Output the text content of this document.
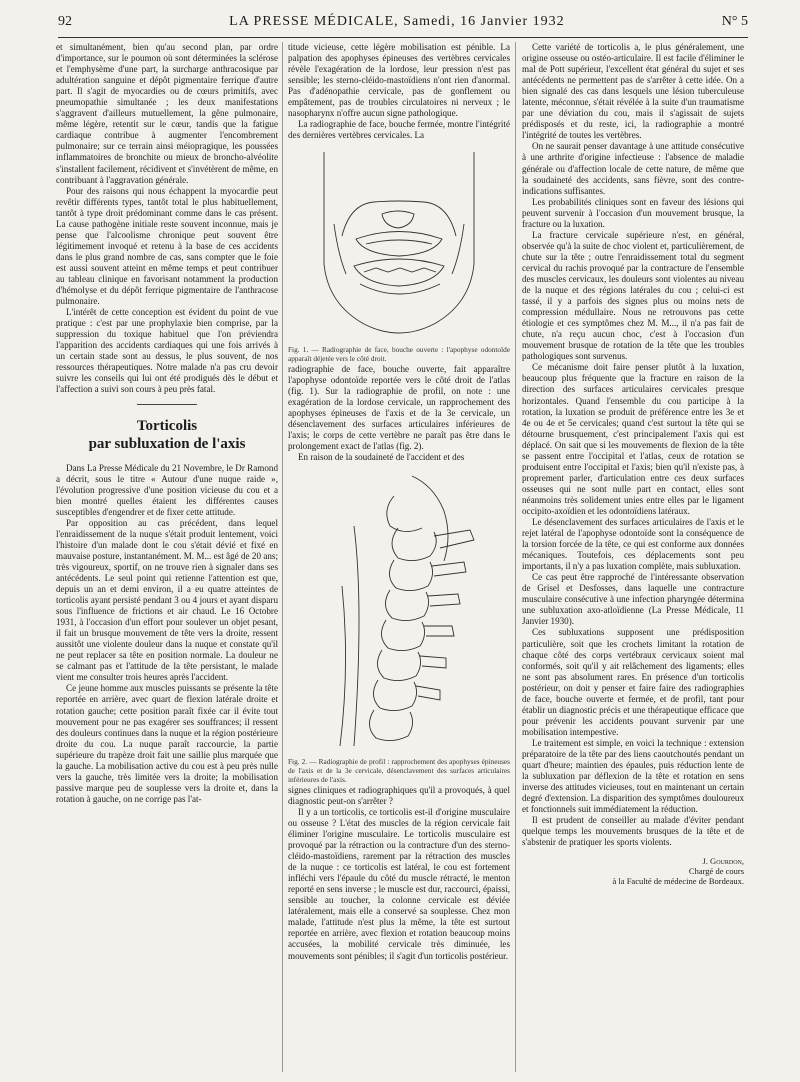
92	LA PRESSE MÉDICALE, Samedi, 16 Janvier 1932	N° 5

et simultanément, bien qu'au second plan, par ordre d'importance, sur le poumon où sont déterminées la sclérose et l'emphysème d'une part, la surcharge anthracosique par adultération sanguine et dépôt pigmentaire ferrique d'autre part. Il s'agit de myocardies ou de cœurs primitifs, avec pneumopathie simultanée ; les deux manifestations s'aggravent d'ailleurs mutuellement, la gêne pulmonaire, même légère, retentit sur le cœur, tandis que la fatigue cardiaque contribue à augmenter l'encombrement pulmonaire; sur ce terrain ainsi méiopragique, les poussées inflammatoires de bronchite ou mieux de broncho-alvéolite s'installent facilement, récidivent et s'invétèrent de même, en contribuant à l'aggravation générale.

Pour des raisons qui nous échappent la myocardie peut revêtir différents types, tantôt total le plus habituellement, tantôt à type droit prédominant comme dans le cas présent. La cause pathogène initiale reste souvent inconnue, mais je pense que l'alcoolisme chronique peut souvent être légitimement invoqué et retenu à la base de ces accidents dans le plus grand nombre de cas, sans compter que le foie est aussi souvent atteint en même temps et peut contribuer au tableau clinique en favorisant notamment la production d'hémolyse et du dépôt ferrique pigmentaire de l'anthracose pulmonaire.

L'intérêt de cette conception est évident du point de vue pratique : c'est par une prophylaxie bien comprise, par la suppression du toxique habituel que l'on préviendra l'apparition des accidents cardiaques qui une fois arrivés à un certain stade sont au dessus, le plus souvent, de nos ressources thérapeutiques. Notre malade n'a pas cru devoir suivre les conseils qui lui ont été prodigués dès le début et l'affection a suivi son cours à peu près fatal.

Torticolis
par subluxation de l'axis

Dans La Presse Médicale du 21 Novembre, le Dr Ramond a décrit, sous le titre « Autour d'une nuque raide », l'évolution progressive d'une position vicieuse du cou et a bien montré quelles étaient les différentes causes susceptibles d'engendrer et de fixer cette attitude.

Par opposition au cas précédent, dans lequel l'enraidissement de la nuque s'était produit lentement, voici l'histoire d'un malade dont le cou s'était dévié et fixé en mauvaise posture, instantanément. M. M... est âgé de 20 ans; très vigoureux, sportif, on ne trouve rien à signaler dans ses antécédents. Le seul point qui retienne l'attention est que, depuis un an et demi environ, il a eu quatre atteintes de torticolis ayant persisté pendant 3 ou 4 jours et ayant disparu sous l'influence de frictions et air chaud. Le 16 Octobre 1931, à l'occasion d'un effort pour soulever un objet pesant, il fait un brusque mouvement de tête vers la droite, ressent aussitôt une violente douleur dans la nuque et constate qu'il ne peut replacer sa tête en position normale. La douleur ne se calmant pas et l'attitude de la tête persistant, le malade vient me consulter trois heures après l'accident.

Ce jeune homme aux muscles puissants se présente la tête reportée en arrière, avec quart de flexion latérale droite et rotation gauche; cette position paraît fixée car il évite tout mouvement pour ne pas exagérer ses souffrances; il ressent des douleurs continues dans la nuque et la région postérieure droite du cou. La nuque paraît raccourcie, la partie supérieure du trapèze droit fait une saillie plus marquée que la gauche. La mobilisation active du cou est à peu près nulle vers la gauche, très limitée vers la droite; la mobilisation passive marque peu de souplesse vers la droite et, dans la rotation à gauche, on ne corrige pas l'at-

titude vicieuse, cette légère mobilisation est pénible. La palpation des apophyses épineuses des vertèbres cervicales révèle l'exagération de la lordose, leur pression n'est pas sensible; les sterno-cléido-mastoïdiens n'ont rien d'anormal. Pas d'adénopathie cervicale, pas de gonflement ou empâtement, pas de troubles circulatoires ni nerveux ; le nasopharynx n'offre aucun signe pathologique.

La radiographie de face, bouche fermée, montre l'intégrité des dernières vertèbres cervicales. La

Fig. 1. — Radiographie de face, bouche ouverte : l'apophyse odontoïde apparaît déjetée vers le côté droit.

radiographie de face, bouche ouverte, fait apparaître l'apophyse odontoïde reportée vers le côté droit de l'atlas (fig. 1). Sur la radiographie de profil, on note : une exagération de la lordose cervicale, un rapprochement des apophyses épineuses de l'axis et de la 3e cervicale, un désenclavement des surfaces articulaires inférieures de l'axis; le corps de cette vertèbre ne paraît pas être dans le prolongement exact de l'atlas (fig. 2).

En raison de la soudaineté de l'accident et des

Fig. 2. — Radiographie de profil : rapprochement des apophyses épineuses de l'axis et de la 3e cervicale, désenclavement des surfaces articulaires inférieures de l'axis.

signes cliniques et radiographiques qu'il a provoqués, à quel diagnostic peut-on s'arrêter ?

Il y a un torticolis, ce torticolis est-il d'origine musculaire ou osseuse ? L'état des muscles de la région cervicale fait éliminer l'origine musculaire. Le torticolis musculaire est provoqué par la rétraction ou la contracture d'un des sterno-cléido-mastoïdiens, rarement par la rétraction des muscles de la nuque : ce torticolis est latéral, le cou est fortement infléchi vers l'épaule du côté du muscle rétracté, le menton reporté en sens inverse ; le muscle est dur, raccourci, épaissi, sensible au toucher, la colonne cervicale est déviée latéralement, mais elle a conservé sa souplesse. Chez mon malade, l'attitude n'est plus la même, la tête est surtout reportée en arrière, avec flexion et rotation beaucoup moins accusées, la mobilité cervicale très diminuée, les mouvements sont pénibles; il s'agit d'un torticolis postérieur.

Cette variété de torticolis a, le plus généralement, une origine osseuse ou ostéo-articulaire. Il est facile d'éliminer le mal de Pott supérieur, l'excellent état général du sujet et ses antécédents ne permettent pas de s'arrêter à cette idée. On a bien signalé des cas dans lesquels une lésion tuberculeuse latente, méconnue, s'était révélée à la suite d'un traumatisme par une déviation du cou, mais il s'agissait de sujets prédisposés et du reste, ici, la radiographie a montré l'intégrité de toutes les vertèbres.

On ne saurait penser davantage à une attitude consécutive à une arthrite d'origine infectieuse : l'absence de maladie générale ou d'affection locale de cette nature, de même que la soudaineté des accidents, sans fièvre, sont des contre-indications suffisantes.

Les probabilités cliniques sont en faveur des lésions qui peuvent survenir à l'occasion d'un mouvement brusque, la fracture ou la luxation.

La fracture cervicale supérieure n'est, en général, observée qu'à la suite de choc violent et, particulièrement, de chute sur la tête ; outre l'enraidissement total du segment cervical du rachis provoqué par la contracture de l'ensemble des muscles cervicaux, les douleurs sont violentes au niveau de la nuque et des régions latérales du cou ; celui-ci est tassé, il y a parfois des signes plus ou moins nets de compression médullaire. Nous ne retrouvons pas cette étiologie et ces symptômes chez M. M..., il n'a pas fait de chute, n'a reçu aucun choc, c'est à l'occasion d'un mouvement brusque de rotation de la tête que les troubles pathologiques sont survenus.

Ce mécanisme doit faire penser plutôt à la luxation, beaucoup plus fréquente que la fracture en raison de la direction des surfaces articulaires cervicales presque horizontales. Quand l'ensemble du cou participe à la rotation, la luxation se produit de préférence entre les 3e et 4e ou 4e et 5e cervicales; quand c'est surtout la tête qui se détourne brusquement, c'est principalement l'axis qui est déplacé. On sait que si les mouvements de flexion de la tête se passent entre l'occipital et l'atlas, ceux de rotation se produisent entre l'occipital et l'axis; bien qu'il n'existe pas, à proprement parler, d'articulation entre ces deux surfaces osseuses qui ne sont nulle part en contact, elles sont néanmoins très solidement unies entre elles par le ligament occipito-axoïdien et les odontoïdiens latéraux.

Le désenclavement des surfaces articulaires de l'axis et le rejet latéral de l'apophyse odontoïde sont la conséquence de la torsion forcée de la tête, ce qui est conforme aux données mécaniques. Toutefois, ces déplacements sont peu importants, il n'y a pas luxation complète, mais subluxation.

Ce cas peut être rapproché de l'intéressante observation de Grisel et Desfosses, dans laquelle une contracture musculaire consécutive à une infection pharyngée détermina une subluxation axo-atloïdienne (La Presse Médicale, 11 Janvier 1930).

Ces subluxations supposent une prédisposition particulière, soit que les crochets limitant la rotation de chaque côté des corps vertébraux cervicaux soient mal conformés, soit qu'il y ait relâchement des ligaments; elles ne sont pas absolument rares. En présence d'un torticolis postérieur, on doit y penser et faire faire des radiographies de face, bouche ouverte et fermée, et de profil, tant pour établir un diagnostic précis et une thérapeutique efficace que pour prévenir les accidents pouvant survenir par une mobilisation intempestive.

Le traitement est simple, en voici la technique : extension préparatoire de la tête par des liens caoutchoutés pendant un quart d'heure; maintien des épaules, puis réduction lente de la subluxation par déflexion de la tête et rotation en sens inverse des attitudes vicieuses, tout en maintenant un certain degré d'extension. La disparition des symptômes douloureux et fonctionnels suit immédiatement la réduction.

Il est prudent de conseiller au malade d'éviter pendant quelque temps les mouvements brusques de la tête et de s'abstenir de pratiquer les sports violents.

J. Gourdon,
Chargé de cours
à la Faculté de médecine de Bordeaux.
